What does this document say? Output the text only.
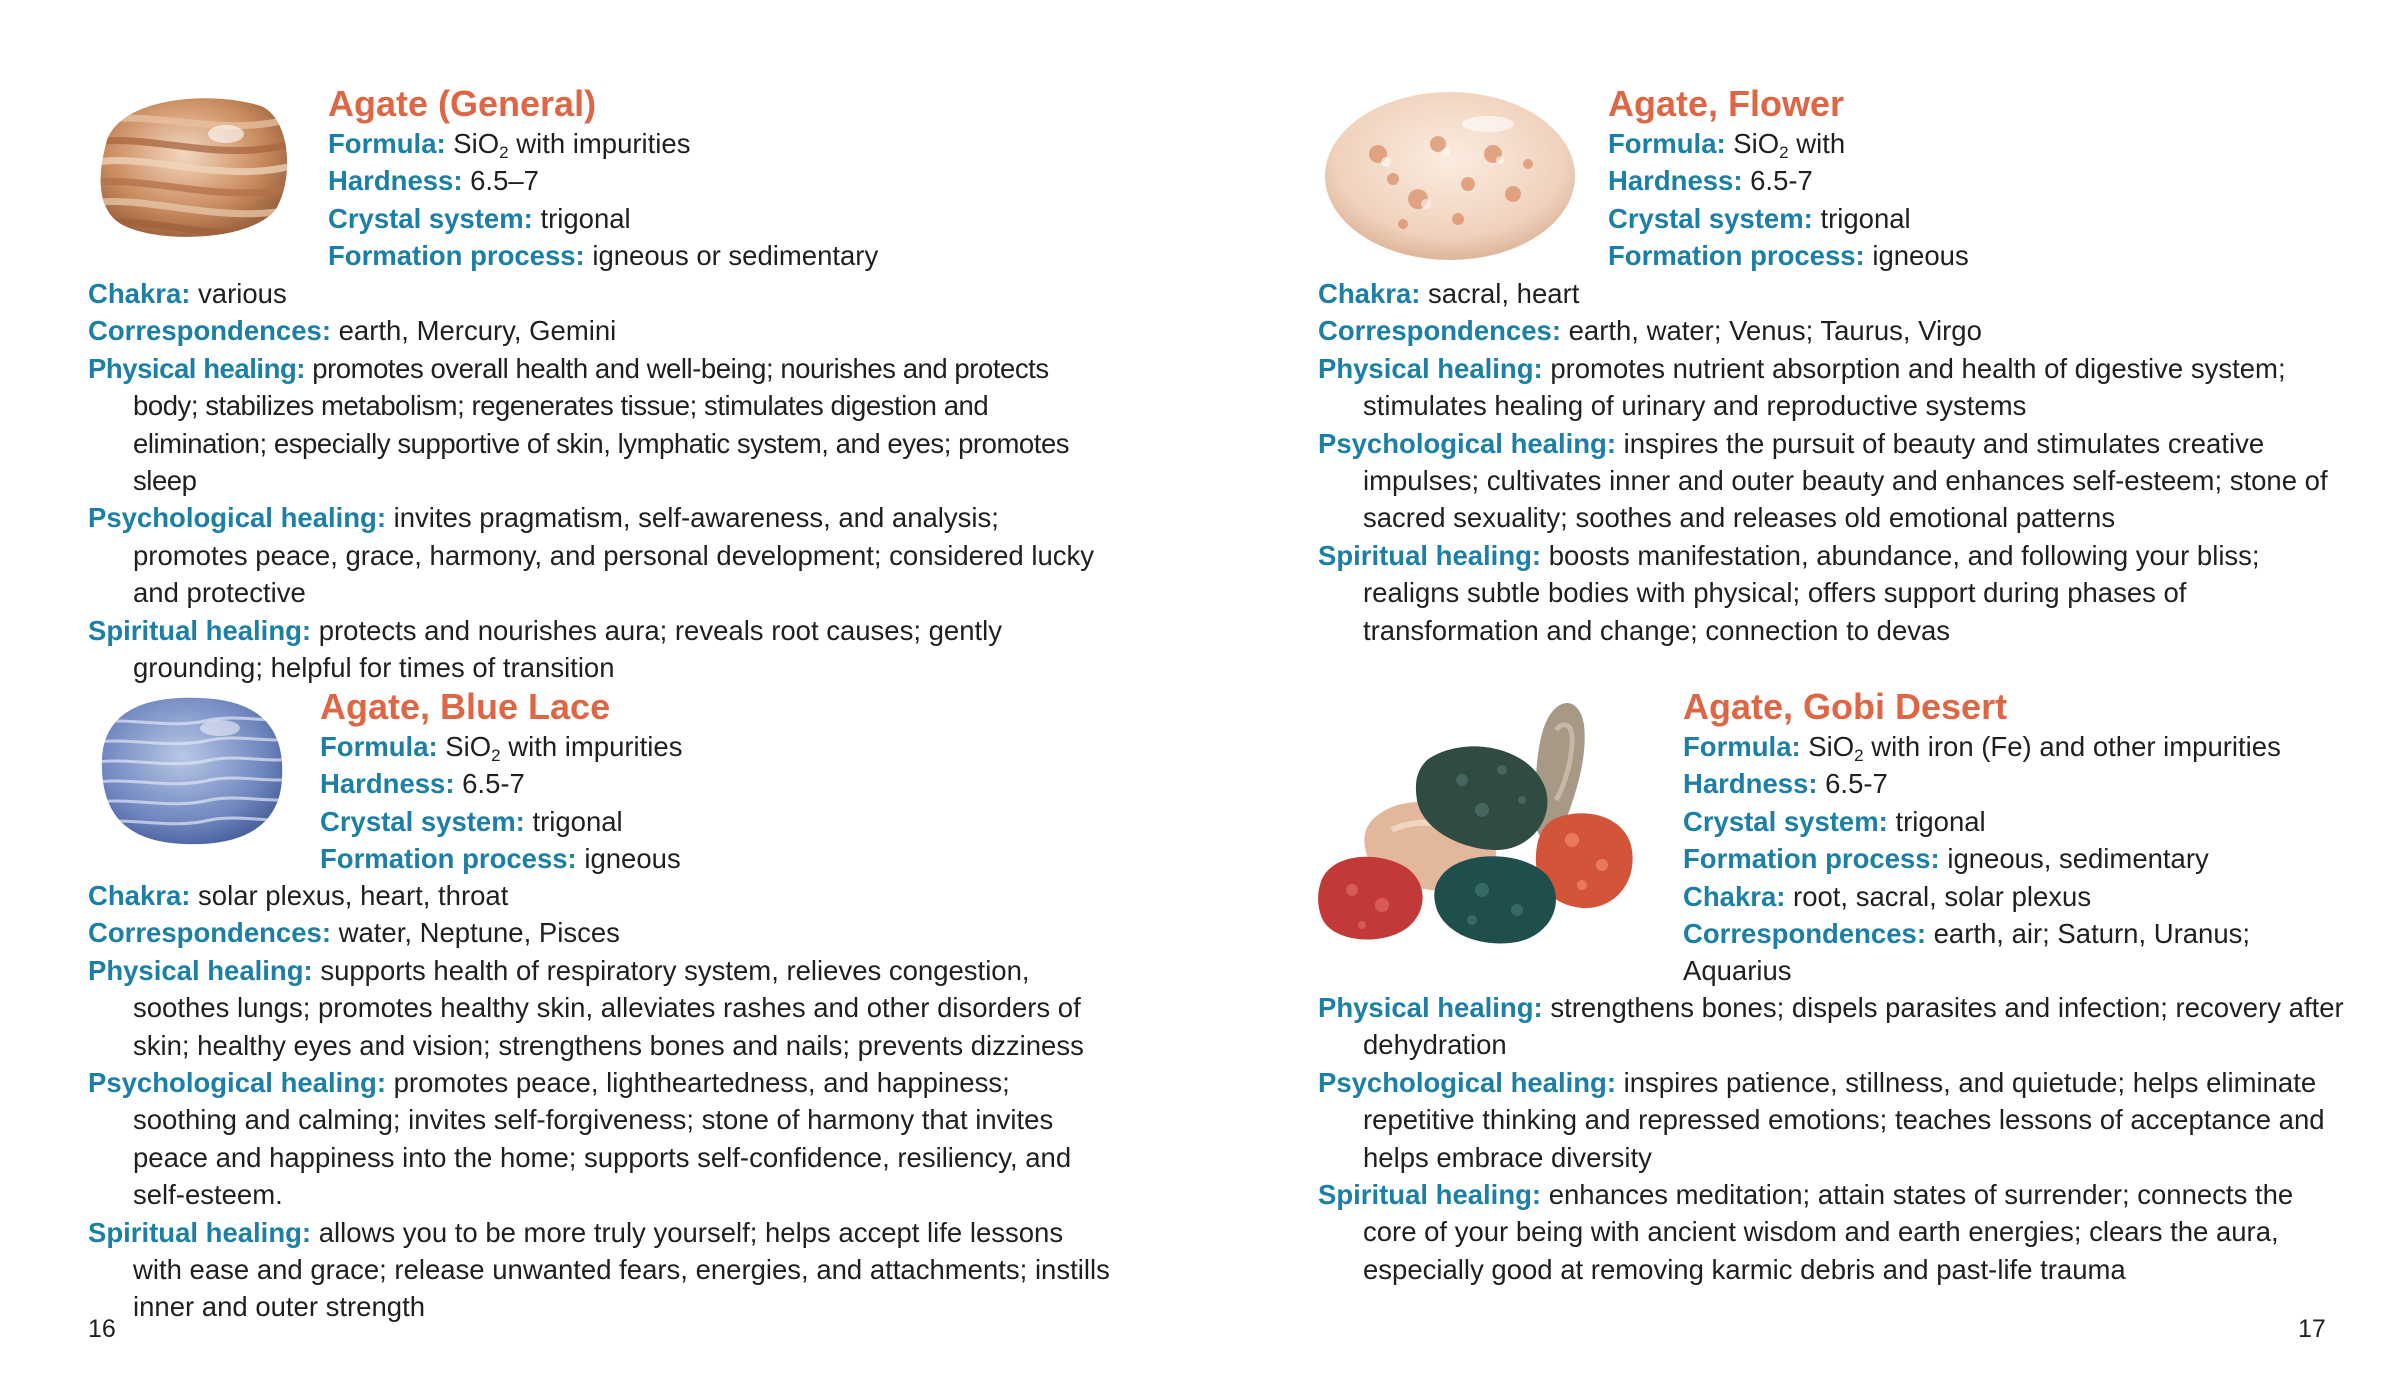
Agate (General)
Formula: SiO$_2$ with impurities
Hardness: 6.5–7
Crystal system: trigonal
Formation process: igneous or sedimentary
Chakra: various
Correspondences: earth, Mercury, Gemini
Physical healing: promotes overall health and well-being; nourishes and protects body; stabilizes metabolism; regenerates tissue; stimulates digestion and elimination; especially supportive of skin, lymphatic system, and eyes; promotes sleep
Psychological healing: invites pragmatism, self-awareness, and analysis; promotes peace, grace, harmony, and personal development; considered lucky and protective
Spiritual healing: protects and nourishes aura; reveals root causes; gently grounding; helpful for times of transition
Agate, Blue Lace
Formula: SiO$_2$ with impurities
Hardness: 6.5-7
Crystal system: trigonal
Formation process: igneous
Chakra: solar plexus, heart, throat
Correspondences: water, Neptune, Pisces
Physical healing: supports health of respiratory system, relieves congestion, soothes lungs; promotes healthy skin, alleviates rashes and other disorders of skin; healthy eyes and vision; strengthens bones and nails; prevents dizziness
Psychological healing: promotes peace, lightheartedness, and happiness; soothing and calming; invites self-forgiveness; stone of harmony that invites peace and happiness into the home; supports self-confidence, resiliency, and self-esteem.
Spiritual healing: allows you to be more truly yourself; helps accept life lessons with ease and grace; release unwanted fears, energies, and attachments; instills inner and outer strength
16
Agate, Flower
Formula: SiO$_2$ with
Hardness: 6.5-7
Crystal system: trigonal
Formation process: igneous
Chakra: sacral, heart
Correspondences: earth, water; Venus; Taurus, Virgo
Physical healing: promotes nutrient absorption and health of digestive system; stimulates healing of urinary and reproductive systems
Psychological healing: inspires the pursuit of beauty and stimulates creative impulses; cultivates inner and outer beauty and enhances self-esteem; stone of sacred sexuality; soothes and releases old emotional patterns
Spiritual healing: boosts manifestation, abundance, and following your bliss; realigns subtle bodies with physical; offers support during phases of transformation and change; connection to devas
Agate, Gobi Desert
Formula: SiO$_2$ with iron (Fe) and other impurities
Hardness: 6.5-7
Crystal system: trigonal
Formation process: igneous, sedimentary
Chakra: root, sacral, solar plexus
Correspondences: earth, air; Saturn, Uranus; Aquarius
Physical healing: strengthens bones; dispels parasites and infection; recovery after dehydration
Psychological healing: inspires patience, stillness, and quietude; helps eliminate repetitive thinking and repressed emotions; teaches lessons of acceptance and helps embrace diversity
Spiritual healing: enhances meditation; attain states of surrender; connects the core of your being with ancient wisdom and earth energies; clears the aura, especially good at removing karmic debris and past-life trauma
17
